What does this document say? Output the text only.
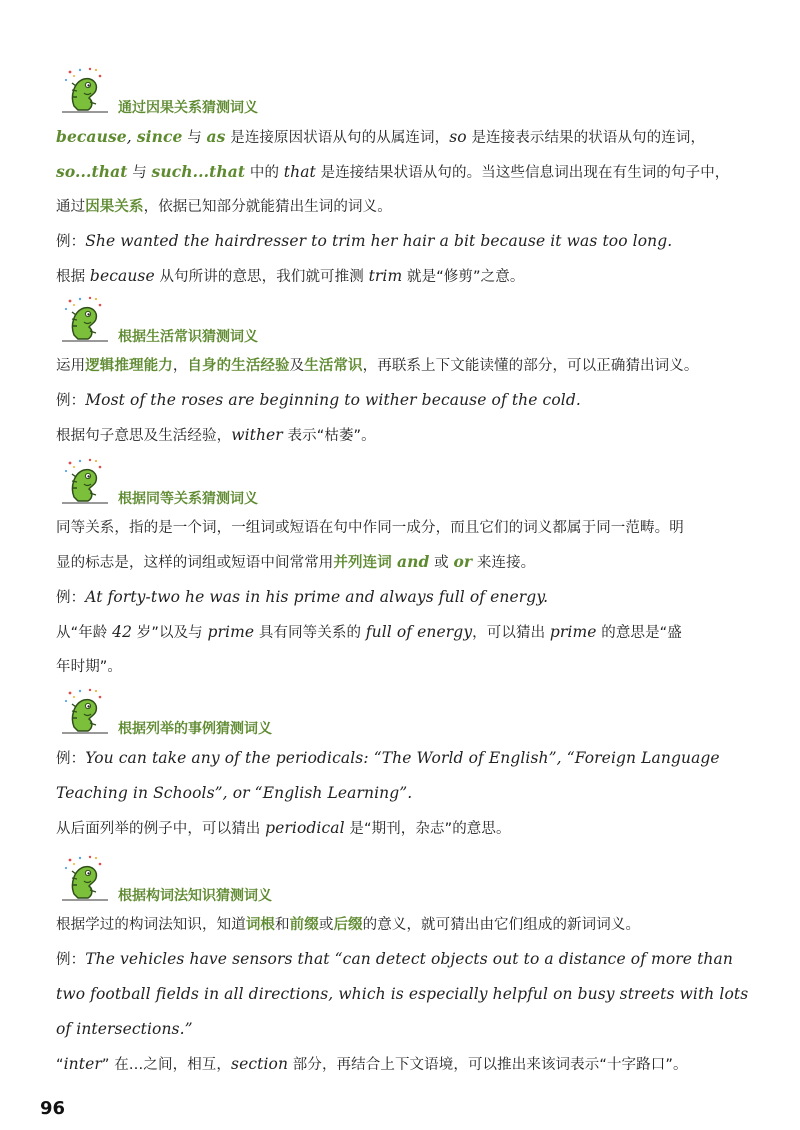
通过因果关系猜测词义
because, since 与 as 是连接原因状语从句的从属连词，so 是连接表示结果的状语从句的连词，
so...that 与 such...that 中的 that 是连接结果状语从句的。当这些信息词出现在有生词的句子中，
通过因果关系，依据已知部分就能猜出生词的词义。
例：She wanted the hairdresser to trim her hair a bit because it was too long.
根据 because 从句所讲的意思，我们就可推测 trim 就是“修剪”之意。
根据生活常识猜测词义
运用逻辑推理能力，自身的生活经验及生活常识，再联系上下文能读懂的部分，可以正确猜出词义。
例：Most of the roses are beginning to wither because of the cold.
根据句子意思及生活经验，wither 表示“枯萎”。
根据同等关系猜测词义
同等关系，指的是一个词，一组词或短语在句中作同一成分，而且它们的词义都属于同一范畴。明
显的标志是，这样的词组或短语中间常常用并列连词 and 或 or 来连接。
例：At forty-two he was in his prime and always full of energy.
从“年龄 42 岁”以及与 prime 具有同等关系的 full of energy，可以猜出 prime 的意思是“盛
年时期”。
根据列举的事例猜测词义
例：You can take any of the periodicals: “The World of English”, “Foreign Language
Teaching in Schools”, or “English Learning”.
从后面列举的例子中，可以猜出 periodical 是“期刊，杂志”的意思。
根据构词法知识猜测词义
根据学过的构词法知识，知道词根和前缀或后缀的意义，就可猜出由它们组成的新词词义。
例：The vehicles have sensors that “can detect objects out to a distance of more than
two football fields in all directions, which is especially helpful on busy streets with lots
of intersections.”
“inter” 在…之间，相互，section 部分，再结合上下文语境，可以推出来该词表示“十字路口”。
96
